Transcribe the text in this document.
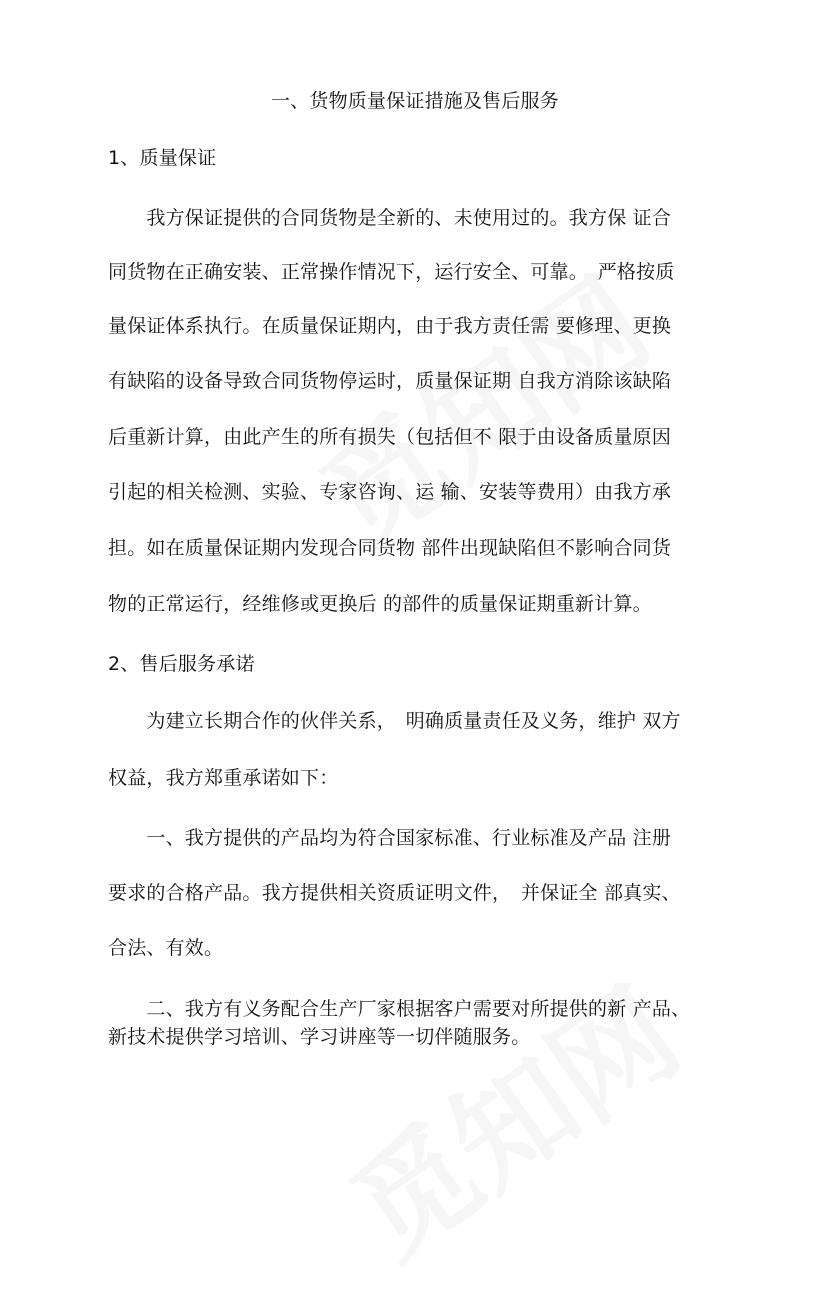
一、货物质量保证措施及售后服务
1、质量保证
　　我方保证提供的合同货物是全新的、未使用过的。我方保 证合
同货物在正确安装、正常操作情况下，运行安全、可靠。　严格按质
量保证体系执行。在质量保证期内，由于我方责任需 要修理、更换
有缺陷的设备导致合同货物停运时，质量保证期 自我方消除该缺陷
后重新计算，由此产生的所有损失（包括但不 限于由设备质量原因
引起的相关检测、实验、专家咨询、运 输、安装等费用）由我方承
担。如在质量保证期内发现合同货物 部件出现缺陷但不影响合同货
物的正常运行，经维修或更换后 的部件的质量保证期重新计算。
2、售后服务承诺
　　为建立长期合作的伙伴关系，　明确质量责任及义务，维护 双方
权益，我方郑重承诺如下：
　　一、我方提供的产品均为符合国家标准、行业标准及产品 注册
要求的合格产品。我方提供相关资质证明文件，　并保证全 部真实、
合法、有效。
　　二、我方有义务配合生产厂家根据客户需要对所提供的新 产品、
新技术提供学习培训、学习讲座等一切伴随服务。
